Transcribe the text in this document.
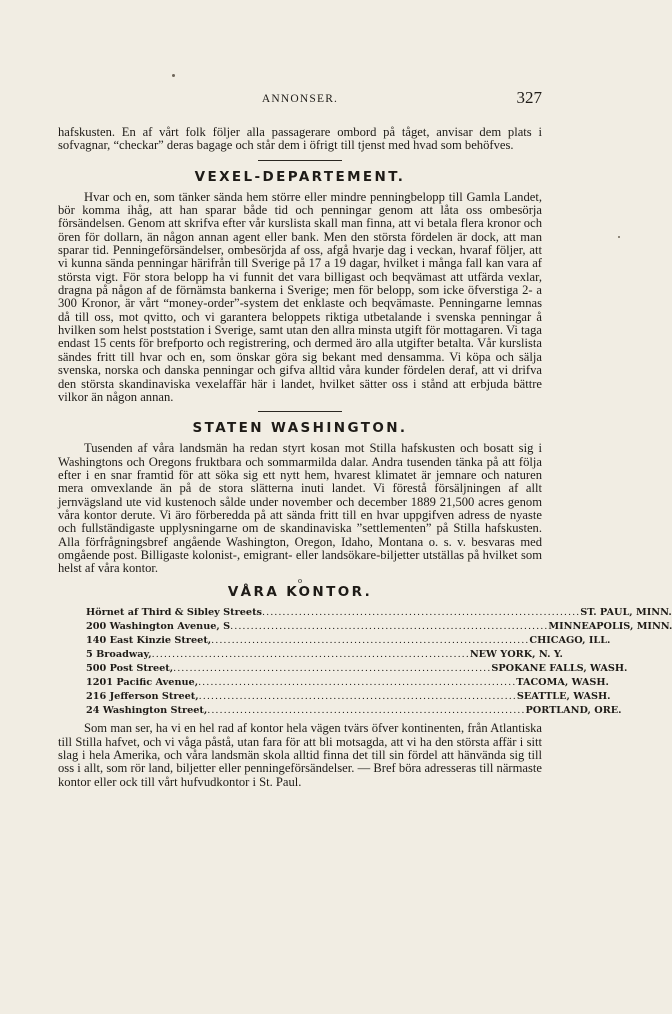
ANNONSER.	327

hafskusten. En af vårt folk följer alla passagerare ombord på tåget, anvisar dem plats i sofvagnar, “checkar” deras bagage och står dem i öfrigt till tjenst med hvad som behöfves.

VEXEL-DEPARTEMENT.

Hvar och en, som tänker sända hem större eller mindre penningbelopp till Gamla Landet, bör komma ihåg, att han sparar både tid och penningar genom att låta oss ombesörja försändelsen. Genom att skrifva efter vår kurslista skall man finna, att vi betala flera kronor och ören för dollarn, än någon annan agent eller bank. Men den största fördelen är dock, att man sparar tid. Penningeförsändelser, ombesörjda af oss, afgå hvarje dag i veckan, hvaraf följer, att vi kunna sända penningar härifrån till Sverige på 17 a 19 dagar, hvilket i många fall kan vara af största vigt. För stora belopp ha vi funnit det vara billigast och beqvämast att utfärda vexlar, dragna på någon af de förnämsta bankerna i Sverige; men för belopp, som icke öfverstiga 2- a 300 Kronor, är vårt “money-order”-system det enklaste och beqvämaste. Penningarne lemnas då till oss, mot qvitto, och vi garantera beloppets riktiga utbetalande i svenska penningar å hvilken som helst poststation i Sverige, samt utan den allra minsta utgift för mottagaren. Vi taga endast 15 cents för brefporto och registrering, och dermed äro alla utgifter betalta. Vår kurslista sändes fritt till hvar och en, som önskar göra sig bekant med densamma. Vi köpa och sälja svenska, norska och danska penningar och gifva alltid våra kunder fördelen deraf, att vi drifva den största skandinaviska vexelaffär här i landet, hvilket sätter oss i stånd att erbjuda bättre vilkor än någon annan.

STATEN WASHINGTON.

Tusenden af våra landsmän ha redan styrt kosan mot Stilla hafskusten och bosatt sig i Washingtons och Oregons fruktbara och sommarmilda dalar. Andra tusenden tänka på att följa efter i en snar framtid för att söka sig ett nytt hem, hvarest klimatet är jemnare och naturen mera omvexlande än på de stora slätterna inuti landet. Vi förestå försäljningen af allt jernvägsland ute vid kustenoch sålde under november och december 1889 21,500 acres genom våra kontor derute. Vi äro förberedda på att sända fritt till en hvar uppgifven adress de nyaste och fullständigaste upplysningarne om de skandinaviska ”settlementen” på Stilla hafskusten. Alla förfrågningsbref angående Washington, Oregon, Idaho, Montana o. s. v. besvaras med omgående post. Billigaste kolonist-, emigrant- eller landsökare-biljetter utställas på hvilket som helst af våra kontor.

o
VÅRA KONTOR.
Hörnet af Third & Sibley Streets .............................................................................. ST. PAUL, MINN.
200 Washington Avenue, S .............................................................................. MINNEAPOLIS, MINN.
140 East Kinzie Street, .............................................................................. CHICAGO, ILL.
5 Broadway, .............................................................................. NEW YORK, N. Y.
500 Post Street, .............................................................................. SPOKANE FALLS, WASH.
1201 Pacific Avenue, .............................................................................. TACOMA, WASH.
216 Jefferson Street, .............................................................................. SEATTLE, WASH.
24 Washington Street, .............................................................................. PORTLAND, ORE.

Som man ser, ha vi en hel rad af kontor hela vägen tvärs öfver kontinenten, från Atlantiska till Stilla hafvet, och vi våga påstå, utan fara för att bli motsagda, att vi ha den största affär i sitt slag i hela Amerika, och våra landsmän skola alltid finna det till sin fördel att hänvända sig till oss i allt, som rör land, biljetter eller penningeförsändelser. — Bref böra adresseras till närmaste kontor eller ock till vårt hufvudkontor i St. Paul.
